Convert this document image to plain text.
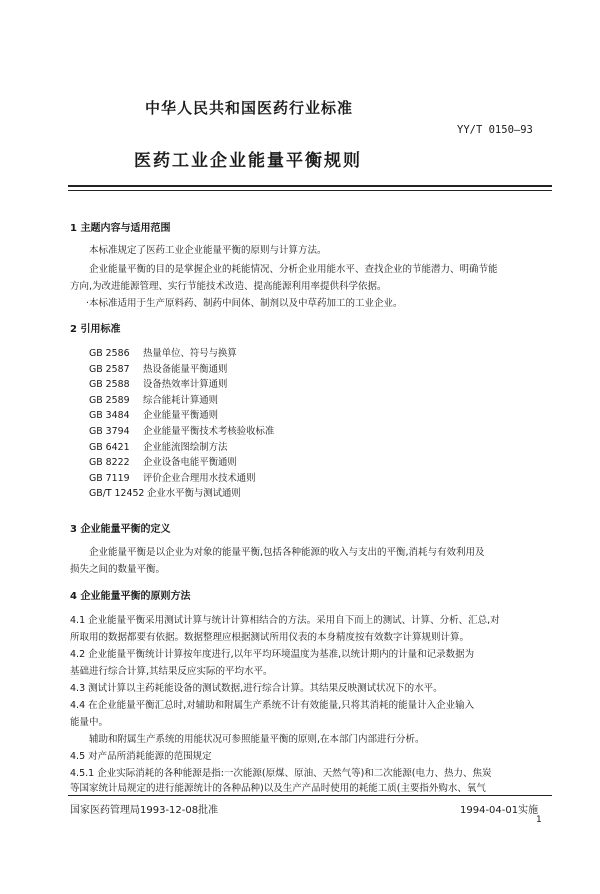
中华人民共和国医药行业标准
YY/T 0150—93
医药工业企业能量平衡规则
1 主题内容与适用范围
本标准规定了医药工业企业能量平衡的原则与计算方法。
企业能量平衡的目的是掌握企业的耗能情况、分析企业用能水平、查找企业的节能潜力、明确节能
方向,为改进能源管理、实行节能技术改造、提高能源利用率提供科学依据。
·本标准适用于生产原料药、制药中间体、制剂以及中草药加工的工业企业。
2 引用标准
GB 2586 热量单位、符号与换算
GB 2587 热设备能量平衡通则
GB 2588 设备热效率计算通则
GB 2589 综合能耗计算通则
GB 3484 企业能量平衡通则
GB 3794 企业能量平衡技术考核验收标准
GB 6421 企业能流图绘制方法
GB 8222 企业设备电能平衡通则
GB 7119 评价企业合理用水技术通则
GB/T 12452 企业水平衡与测试通则
3 企业能量平衡的定义
企业能量平衡是以企业为对象的能量平衡,包括各种能源的收入与支出的平衡,消耗与有效利用及
损失之间的数量平衡。
4 企业能量平衡的原则方法
4.1 企业能量平衡采用测试计算与统计计算相结合的方法。采用自下而上的测试、计算、分析、汇总,对
所取用的数据都要有依据。数据整理应根据测试所用仪表的本身精度按有效数字计算规则计算。
4.2 企业能量平衡统计计算按年度进行,以年平均环境温度为基准,以统计期内的计量和记录数据为
基础进行综合计算,其结果反应实际的平均水平。
4.3 测试计算以主药耗能设备的测试数据,进行综合计算。其结果反映测试状况下的水平。
4.4 在企业能量平衡汇总时,对辅助和附属生产系统不计有效能量,只将其消耗的能量计入企业输入
能量中。
辅助和附属生产系统的用能状况可参照能量平衡的原则,在本部门内部进行分析。
4.5 对产品所消耗能源的范围规定
4.5.1 企业实际消耗的各种能源是指:一次能源(原煤、原油、天然气等)和二次能源(电力、热力、焦炭
等国家统计局规定的进行能源统计的各种品种)以及生产产品时使用的耗能工质(主要指外购水、氧气
国家医药管理局1993-12-08批准	1994-04-01实施
1
